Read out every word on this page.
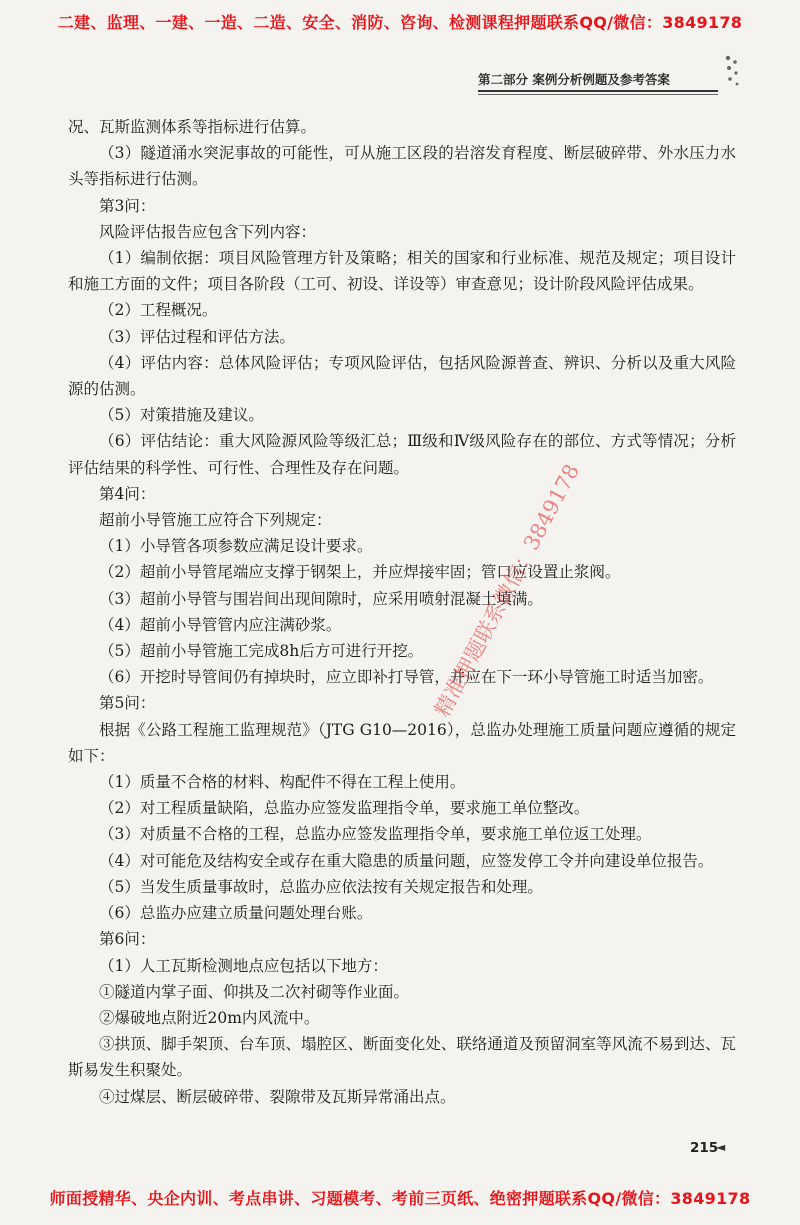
二建、监理、一建、一造、二造、安全、消防、咨询、检测课程押题联系QQ/微信：3849178
第二部分 案例分析例题及参考答案

况、瓦斯监测体系等指标进行估算。

（3）隧道涌水突泥事故的可能性，可从施工区段的岩溶发育程度、断层破碎带、外水压力水头等指标进行估测。

第3问：

风险评估报告应包含下列内容：

（1）编制依据：项目风险管理方针及策略；相关的国家和行业标准、规范及规定；项目设计和施工方面的文件；项目各阶段（工可、初设、详设等）审查意见；设计阶段风险评估成果。

（2）工程概况。

（3）评估过程和评估方法。

（4）评估内容：总体风险评估；专项风险评估，包括风险源普查、辨识、分析以及重大风险源的估测。

（5）对策措施及建议。

（6）评估结论：重大风险源风险等级汇总；Ⅲ级和Ⅳ级风险存在的部位、方式等情况；分析评估结果的科学性、可行性、合理性及存在问题。

第4问：

超前小导管施工应符合下列规定：

（1）小导管各项参数应满足设计要求。

（2）超前小导管尾端应支撑于钢架上，并应焊接牢固；管口应设置止浆阀。

（3）超前小导管与围岩间出现间隙时，应采用喷射混凝土填满。

（4）超前小导管管内应注满砂浆。

（5）超前小导管施工完成8h后方可进行开挖。

（6）开挖时导管间仍有掉块时，应立即补打导管，并应在下一环小导管施工时适当加密。

第5问：

根据《公路工程施工监理规范》（JTG G10—2016），总监办处理施工质量问题应遵循的规定如下：

（1）质量不合格的材料、构配件不得在工程上使用。

（2）对工程质量缺陷，总监办应签发监理指令单，要求施工单位整改。

（3）对质量不合格的工程，总监办应签发监理指令单，要求施工单位返工处理。

（4）对可能危及结构安全或存在重大隐患的质量问题，应签发停工令并向建设单位报告。

（5）当发生质量事故时，总监办应依法按有关规定报告和处理。

（6）总监办应建立质量问题处理台账。

第6问：

（1）人工瓦斯检测地点应包括以下地方：

①隧道内掌子面、仰拱及二次衬砌等作业面。

②爆破地点附近20m内风流中。

③拱顶、脚手架顶、台车顶、塌腔区、断面变化处、联络通道及预留洞室等风流不易到达、瓦斯易发生积聚处。

④过煤层、断层破碎带、裂隙带及瓦斯异常涌出点。

精准押题联系微信：3849178
215
◄
师面授精华、央企内训、考点串讲、习题模考、考前三页纸、绝密押题联系QQ/微信：3849178
